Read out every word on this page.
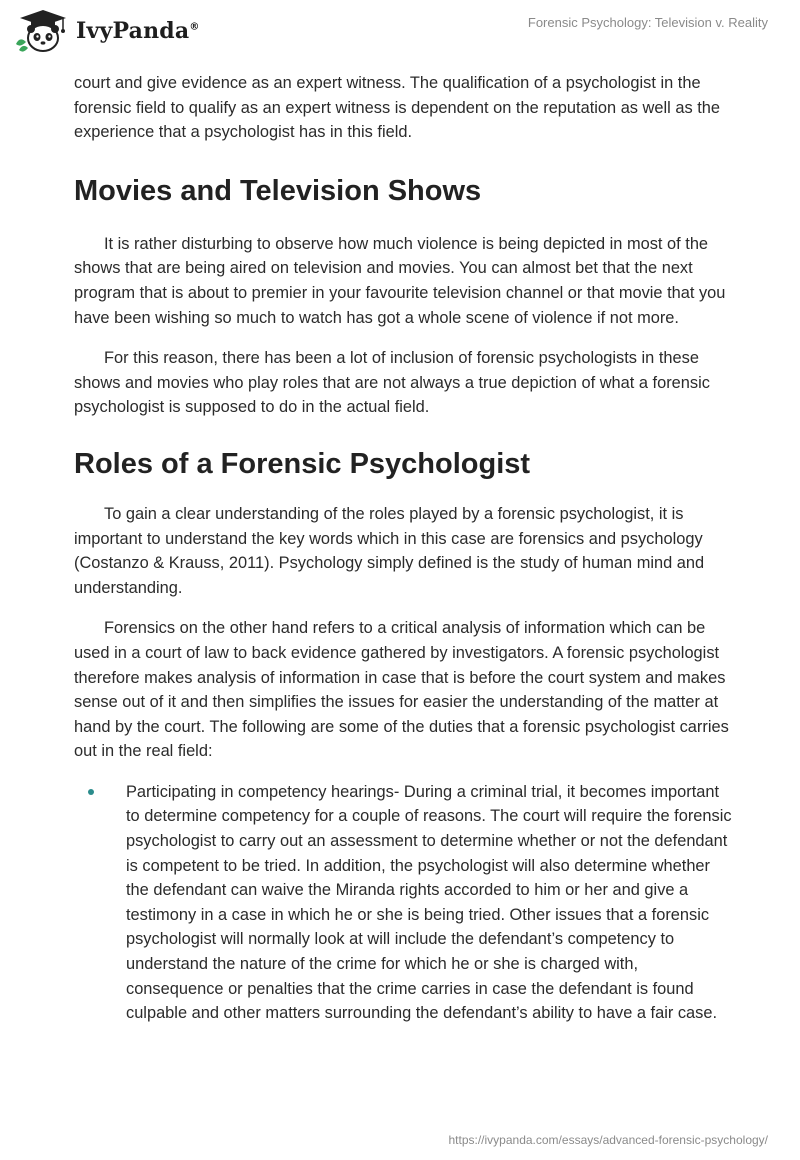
IvyPanda®	Forensic Psychology: Television v. Reality

court and give evidence as an expert witness. The qualification of a psychologist in the forensic field to qualify as an expert witness is dependent on the reputation as well as the experience that a psychologist has in this field.

Movies and Television Shows

It is rather disturbing to observe how much violence is being depicted in most of the shows that are being aired on television and movies. You can almost bet that the next program that is about to premier in your favourite television channel or that movie that you have been wishing so much to watch has got a whole scene of violence if not more.

For this reason, there has been a lot of inclusion of forensic psychologists in these shows and movies who play roles that are not always a true depiction of what a forensic psychologist is supposed to do in the actual field.

Roles of a Forensic Psychologist

To gain a clear understanding of the roles played by a forensic psychologist, it is important to understand the key words which in this case are forensics and psychology (Costanzo & Krauss, 2011). Psychology simply defined is the study of human mind and understanding.

Forensics on the other hand refers to a critical analysis of information which can be used in a court of law to back evidence gathered by investigators. A forensic psychologist therefore makes analysis of information in case that is before the court system and makes sense out of it and then simplifies the issues for easier the understanding of the matter at hand by the court. The following are some of the duties that a forensic psychologist carries out in the real field:

Participating in competency hearings- During a criminal trial, it becomes important to determine competency for a couple of reasons. The court will require the forensic psychologist to carry out an assessment to determine whether or not the defendant is competent to be tried. In addition, the psychologist will also determine whether the defendant can waive the Miranda rights accorded to him or her and give a testimony in a case in which he or she is being tried. Other issues that a forensic psychologist will normally look at will include the defendant’s competency to understand the nature of the crime for which he or she is charged with, consequence or penalties that the crime carries in case the defendant is found culpable and other matters surrounding the defendant’s ability to have a fair case.
https://ivypanda.com/essays/advanced-forensic-psychology/
